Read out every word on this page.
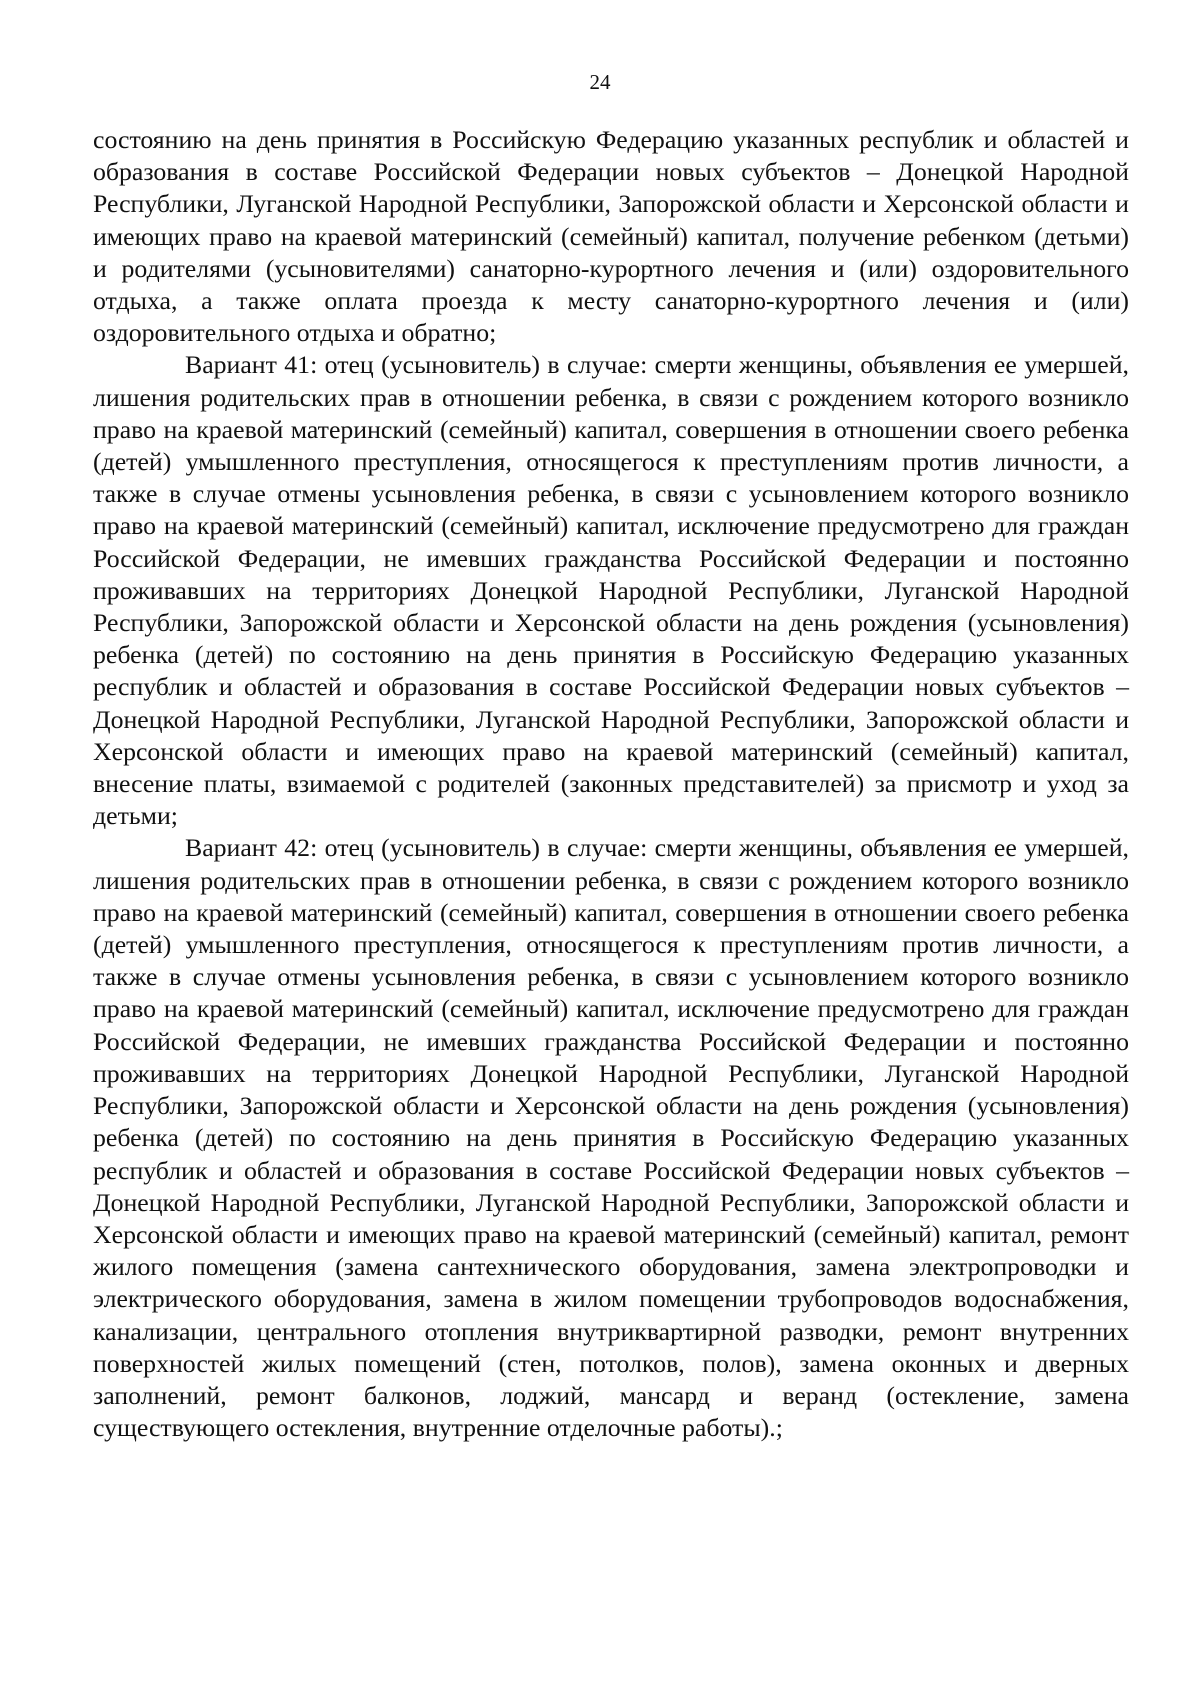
24

состоянию на день принятия в Российскую Федерацию указанных республик и областей и образования в составе Российской Федерации новых субъектов – Донецкой Народной Республики, Луганской Народной Республики, Запорожской области и Херсонской области и имеющих право на краевой материнский (семейный) капитал, получение ребенком (детьми) и родителями (усыновителями) санаторно-курортного лечения и (или) оздоровительного отдыха, а также оплата проезда к месту санаторно-курортного лечения и (или) оздоровительного отдыха и обратно;

Вариант 41: отец (усыновитель) в случае: смерти женщины, объявления ее умершей, лишения родительских прав в отношении ребенка, в связи с рождением которого возникло право на краевой материнский (семейный) капитал, совершения в отношении своего ребенка (детей) умышленного преступления, относящегося к преступлениям против личности, а также в случае отмены усыновления ребенка, в связи с усыновлением которого возникло право на краевой материнский (семейный) капитал, исключение предусмотрено для граждан Российской Федерации, не имевших гражданства Российской Федерации и постоянно проживавших на территориях Донецкой Народной Республики, Луганской Народной Республики, Запорожской области и Херсонской области на день рождения (усыновления) ребенка (детей) по состоянию на день принятия в Российскую Федерацию указанных республик и областей и образования в составе Российской Федерации новых субъектов – Донецкой Народной Республики, Луганской Народной Республики, Запорожской области и Херсонской области и имеющих право на краевой материнский (семейный) капитал, внесение платы, взимаемой с родителей (законных представителей) за присмотр и уход за детьми;

Вариант 42: отец (усыновитель) в случае: смерти женщины, объявления ее умершей, лишения родительских прав в отношении ребенка, в связи с рождением которого возникло право на краевой материнский (семейный) капитал, совершения в отношении своего ребенка (детей) умышленного преступления, относящегося к преступлениям против личности, а также в случае отмены усыновления ребенка, в связи с усыновлением которого возникло право на краевой материнский (семейный) капитал, исключение предусмотрено для граждан Российской Федерации, не имевших гражданства Российской Федерации и постоянно проживавших на территориях Донецкой Народной Республики, Луганской Народной Республики, Запорожской области и Херсонской области на день рождения (усыновления) ребенка (детей) по состоянию на день принятия в Российскую Федерацию указанных республик и областей и образования в составе Российской Федерации новых субъектов – Донецкой Народной Республики, Луганской Народной Республики, Запорожской области и Херсонской области и имеющих право на краевой материнский (семейный) капитал, ремонт жилого помещения (замена сантехнического оборудования, замена электропроводки и электрического оборудования, замена в жилом помещении трубопроводов водоснабжения, канализации, центрального отопления внутриквартирной разводки, ремонт внутренних поверхностей жилых помещений (стен, потолков, полов), замена оконных и дверных заполнений, ремонт балконов, лоджий, мансард и веранд (остекление, замена существующего остекления, внутренние отделочные работы).;
